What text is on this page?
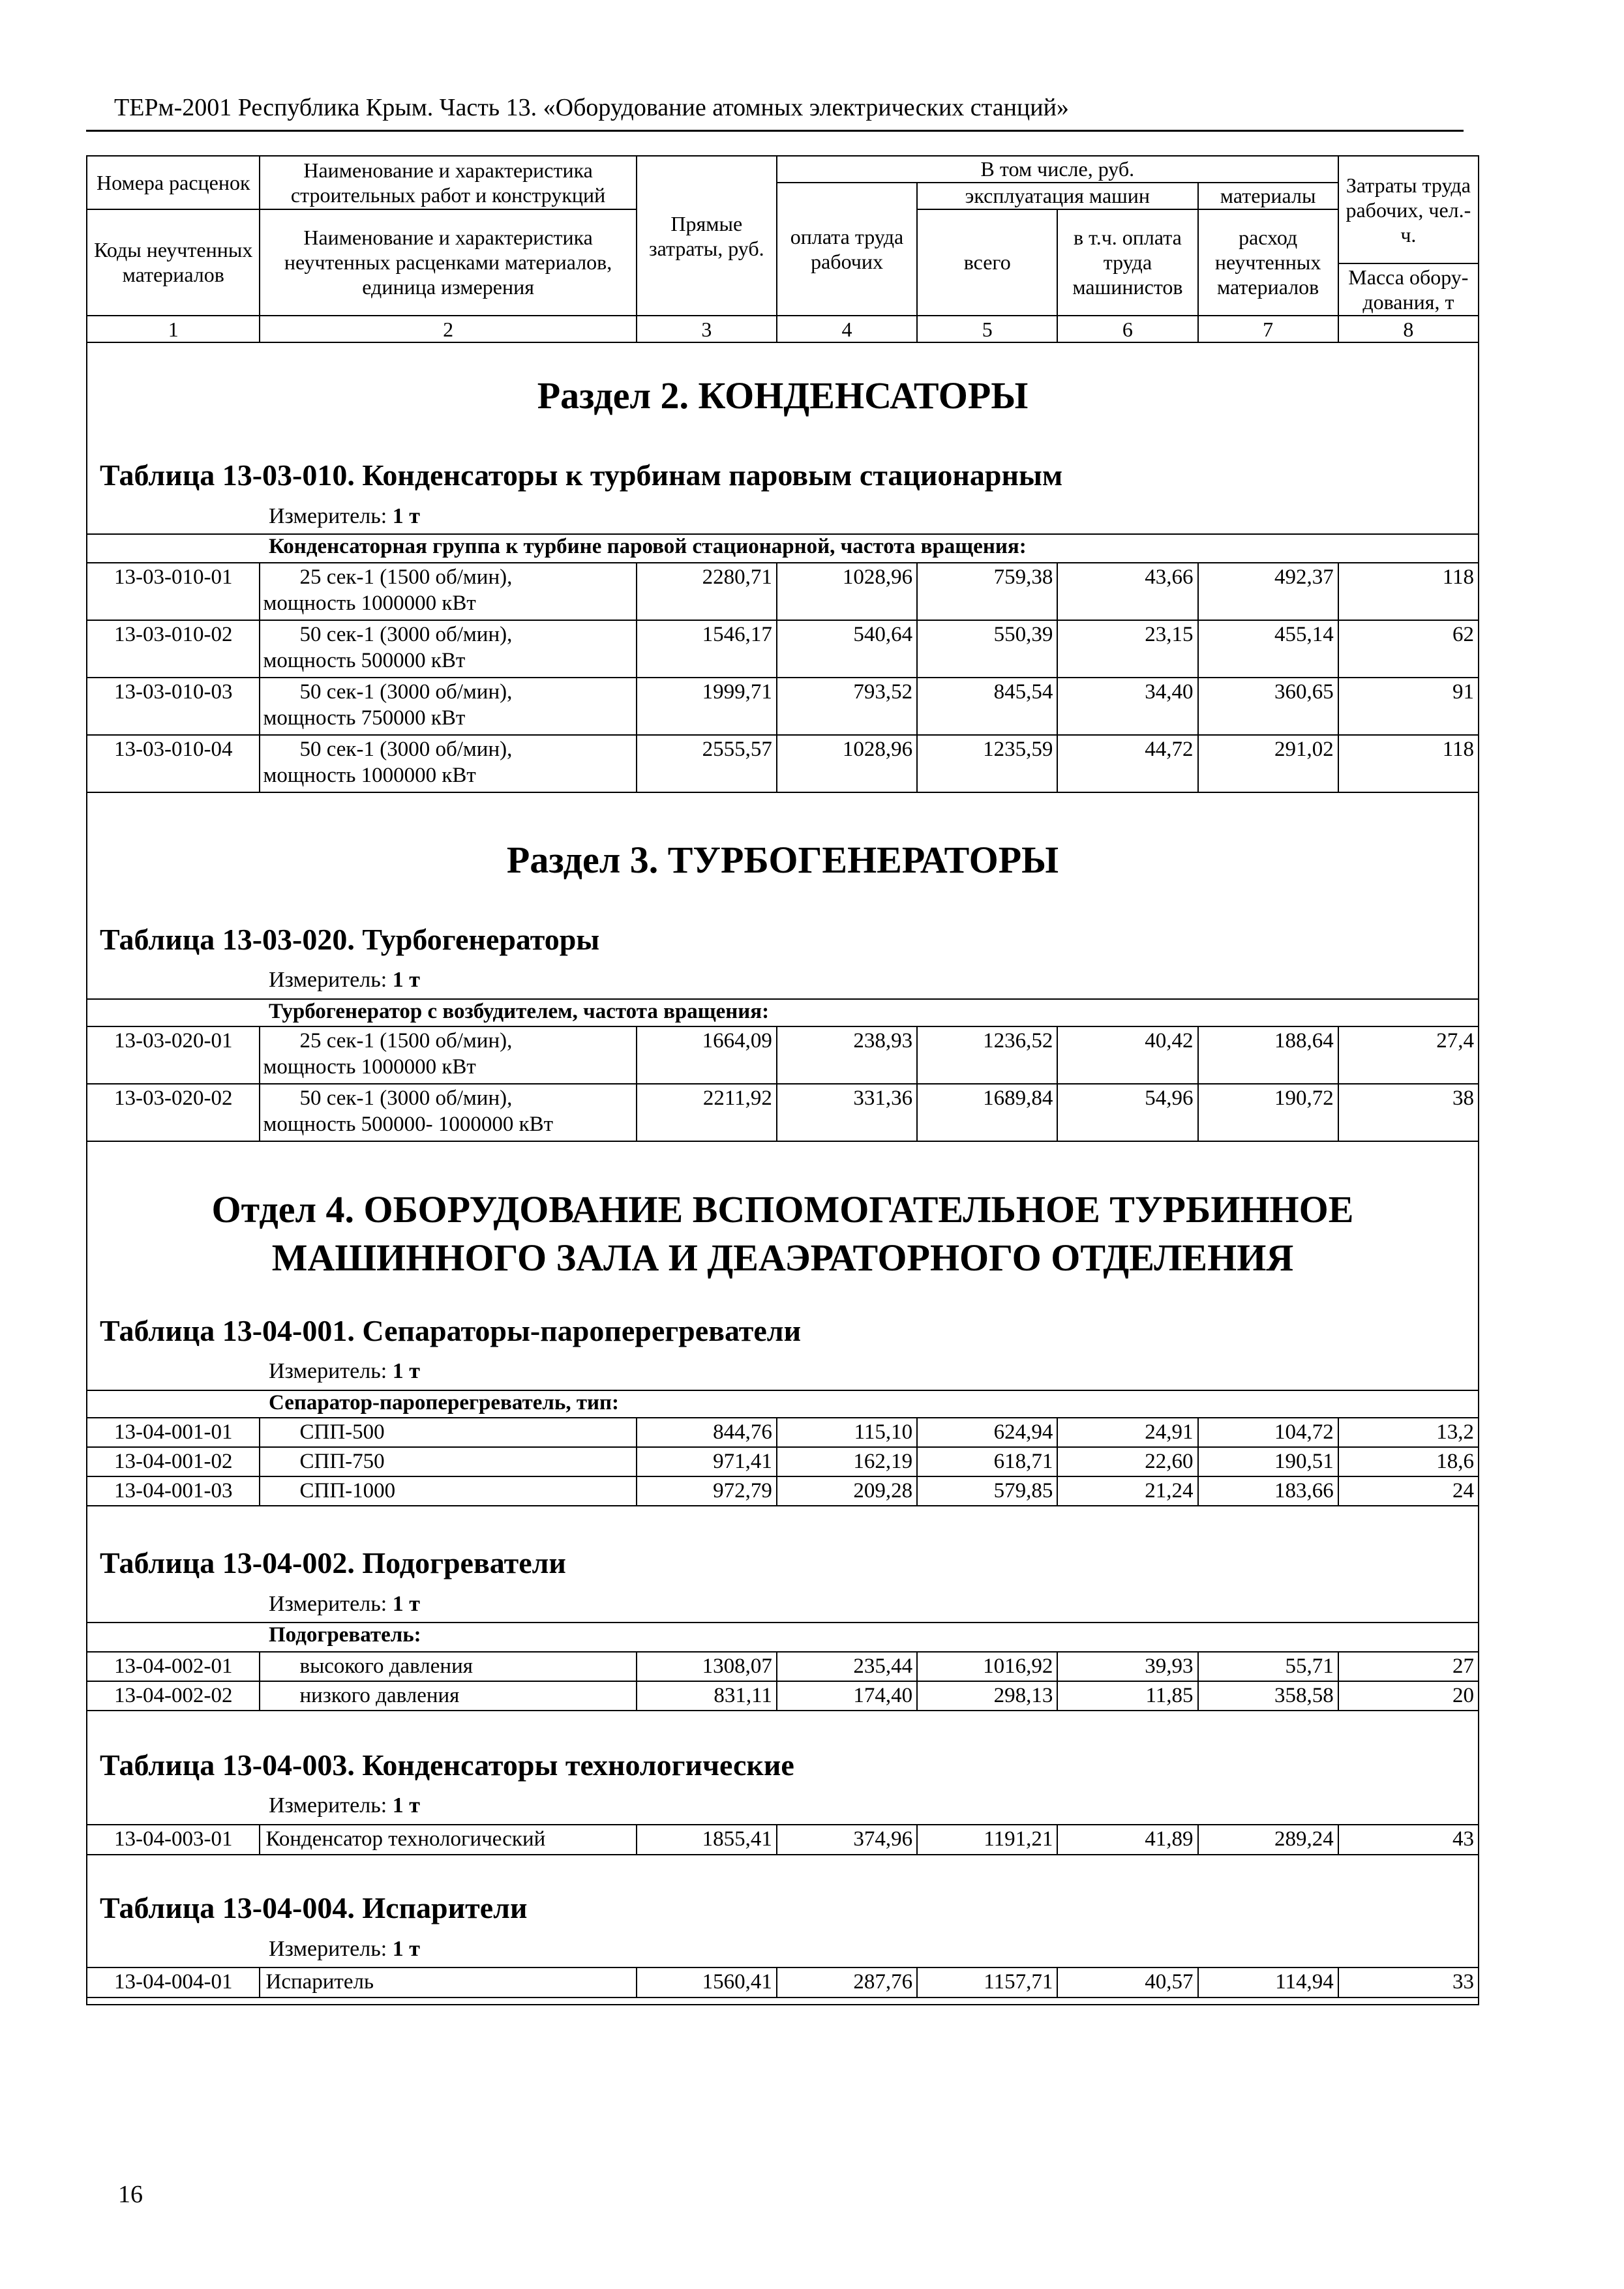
ТЕРм-2001 Республика Крым. Часть 13. «Оборудование атомных электрических станций»
Номера расценок	Наименование и характеристика строительных работ и конструкций	Прямые затраты, руб.	В том числе, руб.				Затраты труда рабочих, чел.-ч.
			оплата труда рабочих	эксплуатация машин		материалы	
Коды неучтенных материалов	Наименование и характеристика неучтенных расценками материалов, единица измерения			всего	в т.ч. оплата труда машинистов	расход неучтенных материалов	
							Масса обору-дования, т
1	2	3	4	5	6	7	8
Раздел 2. КОНДЕНСАТОРЫ
Таблица 13-03-010. Конденсаторы к турбинам паровым стационарным
Измеритель: 1 т
Конденсаторная группа к турбине паровой стационарной, частота вращения:
13-03-010-01	25 сек-1 (1500 об/мин),
мощность 1000000 кВт	2280,71	1028,96	759,38	43,66	492,37	118
13-03-010-02	50 сек-1 (3000 об/мин),
мощность 500000 кВт	1546,17	540,64	550,39	23,15	455,14	62
13-03-010-03	50 сек-1 (3000 об/мин),
мощность 750000 кВт	1999,71	793,52	845,54	34,40	360,65	91
13-03-010-04	50 сек-1 (3000 об/мин),
мощность 1000000 кВт	2555,57	1028,96	1235,59	44,72	291,02	118
Раздел 3. ТУРБОГЕНЕРАТОРЫ
Таблица 13-03-020. Турбогенераторы
Измеритель: 1 т
Турбогенератор с возбудителем, частота вращения:
13-03-020-01	25 сек-1 (1500 об/мин),
мощность 1000000 кВт	1664,09	238,93	1236,52	40,42	188,64	27,4
13-03-020-02	50 сек-1 (3000 об/мин),
мощность 500000- 1000000 кВт	2211,92	331,36	1689,84	54,96	190,72	38
Отдел 4. ОБОРУДОВАНИЕ ВСПОМОГАТЕЛЬНОЕ ТУРБИННОЕ
МАШИННОГО ЗАЛА И ДЕАЭРАТОРНОГО ОТДЕЛЕНИЯ
Таблица 13-04-001. Сепараторы-пароперегреватели
Измеритель: 1 т
Сепаратор-пароперегреватель, тип:
13-04-001-01	СПП-500	844,76	115,10	624,94	24,91	104,72	13,2
13-04-001-02	СПП-750	971,41	162,19	618,71	22,60	190,51	18,6
13-04-001-03	СПП-1000	972,79	209,28	579,85	21,24	183,66	24
Таблица 13-04-002. Подогреватели
Измеритель: 1 т
Подогреватель:
13-04-002-01	высокого давления	1308,07	235,44	1016,92	39,93	55,71	27
13-04-002-02	низкого давления	831,11	174,40	298,13	11,85	358,58	20
Таблица 13-04-003. Конденсаторы технологические
Измеритель: 1 т
13-04-003-01	Конденсатор технологический	1855,41	374,96	1191,21	41,89	289,24	43
Таблица 13-04-004. Испарители
Измеритель: 1 т
13-04-004-01	Испаритель	1560,41	287,76	1157,71	40,57	114,94	33
16
